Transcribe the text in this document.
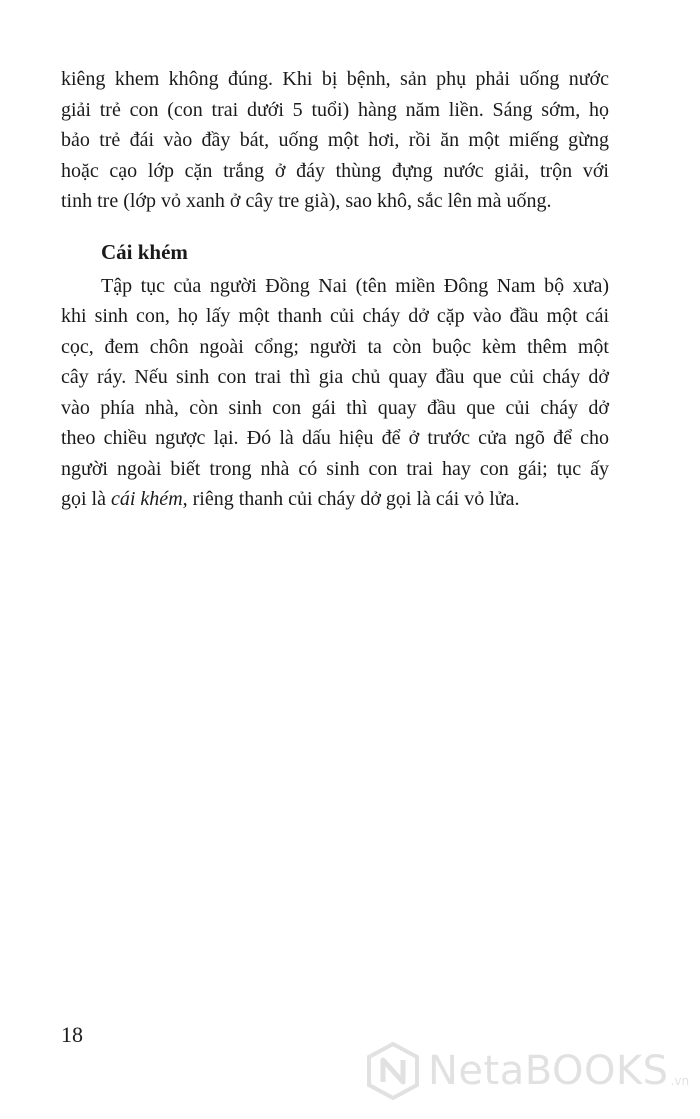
kiêng khem không đúng. Khi bị bệnh, sản phụ phải uống nước
giải trẻ con (con trai dưới 5 tuổi) hàng năm liền. Sáng sớm, họ
bảo trẻ đái vào đầy bát, uống một hơi, rồi ăn một miếng gừng
hoặc cạo lớp cặn trắng ở đáy thùng đựng nước giải, trộn với
tinh tre (lớp vỏ xanh ở cây tre già), sao khô, sắc lên mà uống.

Cái khém

Tập tục của người Đồng Nai (tên miền Đông Nam bộ xưa)
khi sinh con, họ lấy một thanh củi cháy dở cặp vào đầu một cái
cọc, đem chôn ngoài cổng; người ta còn buộc kèm thêm một
cây ráy. Nếu sinh con trai thì gia chủ quay đầu que củi cháy dở
vào phía nhà, còn sinh con gái thì quay đầu que củi cháy dở
theo chiều ngược lại. Đó là dấu hiệu để ở trước cửa ngõ để cho
người ngoài biết trong nhà có sinh con trai hay con gái; tục ấy
gọi là cái khém, riêng thanh củi cháy dở gọi là cái vỏ lửa.

18
NetaBOOKS .vn
